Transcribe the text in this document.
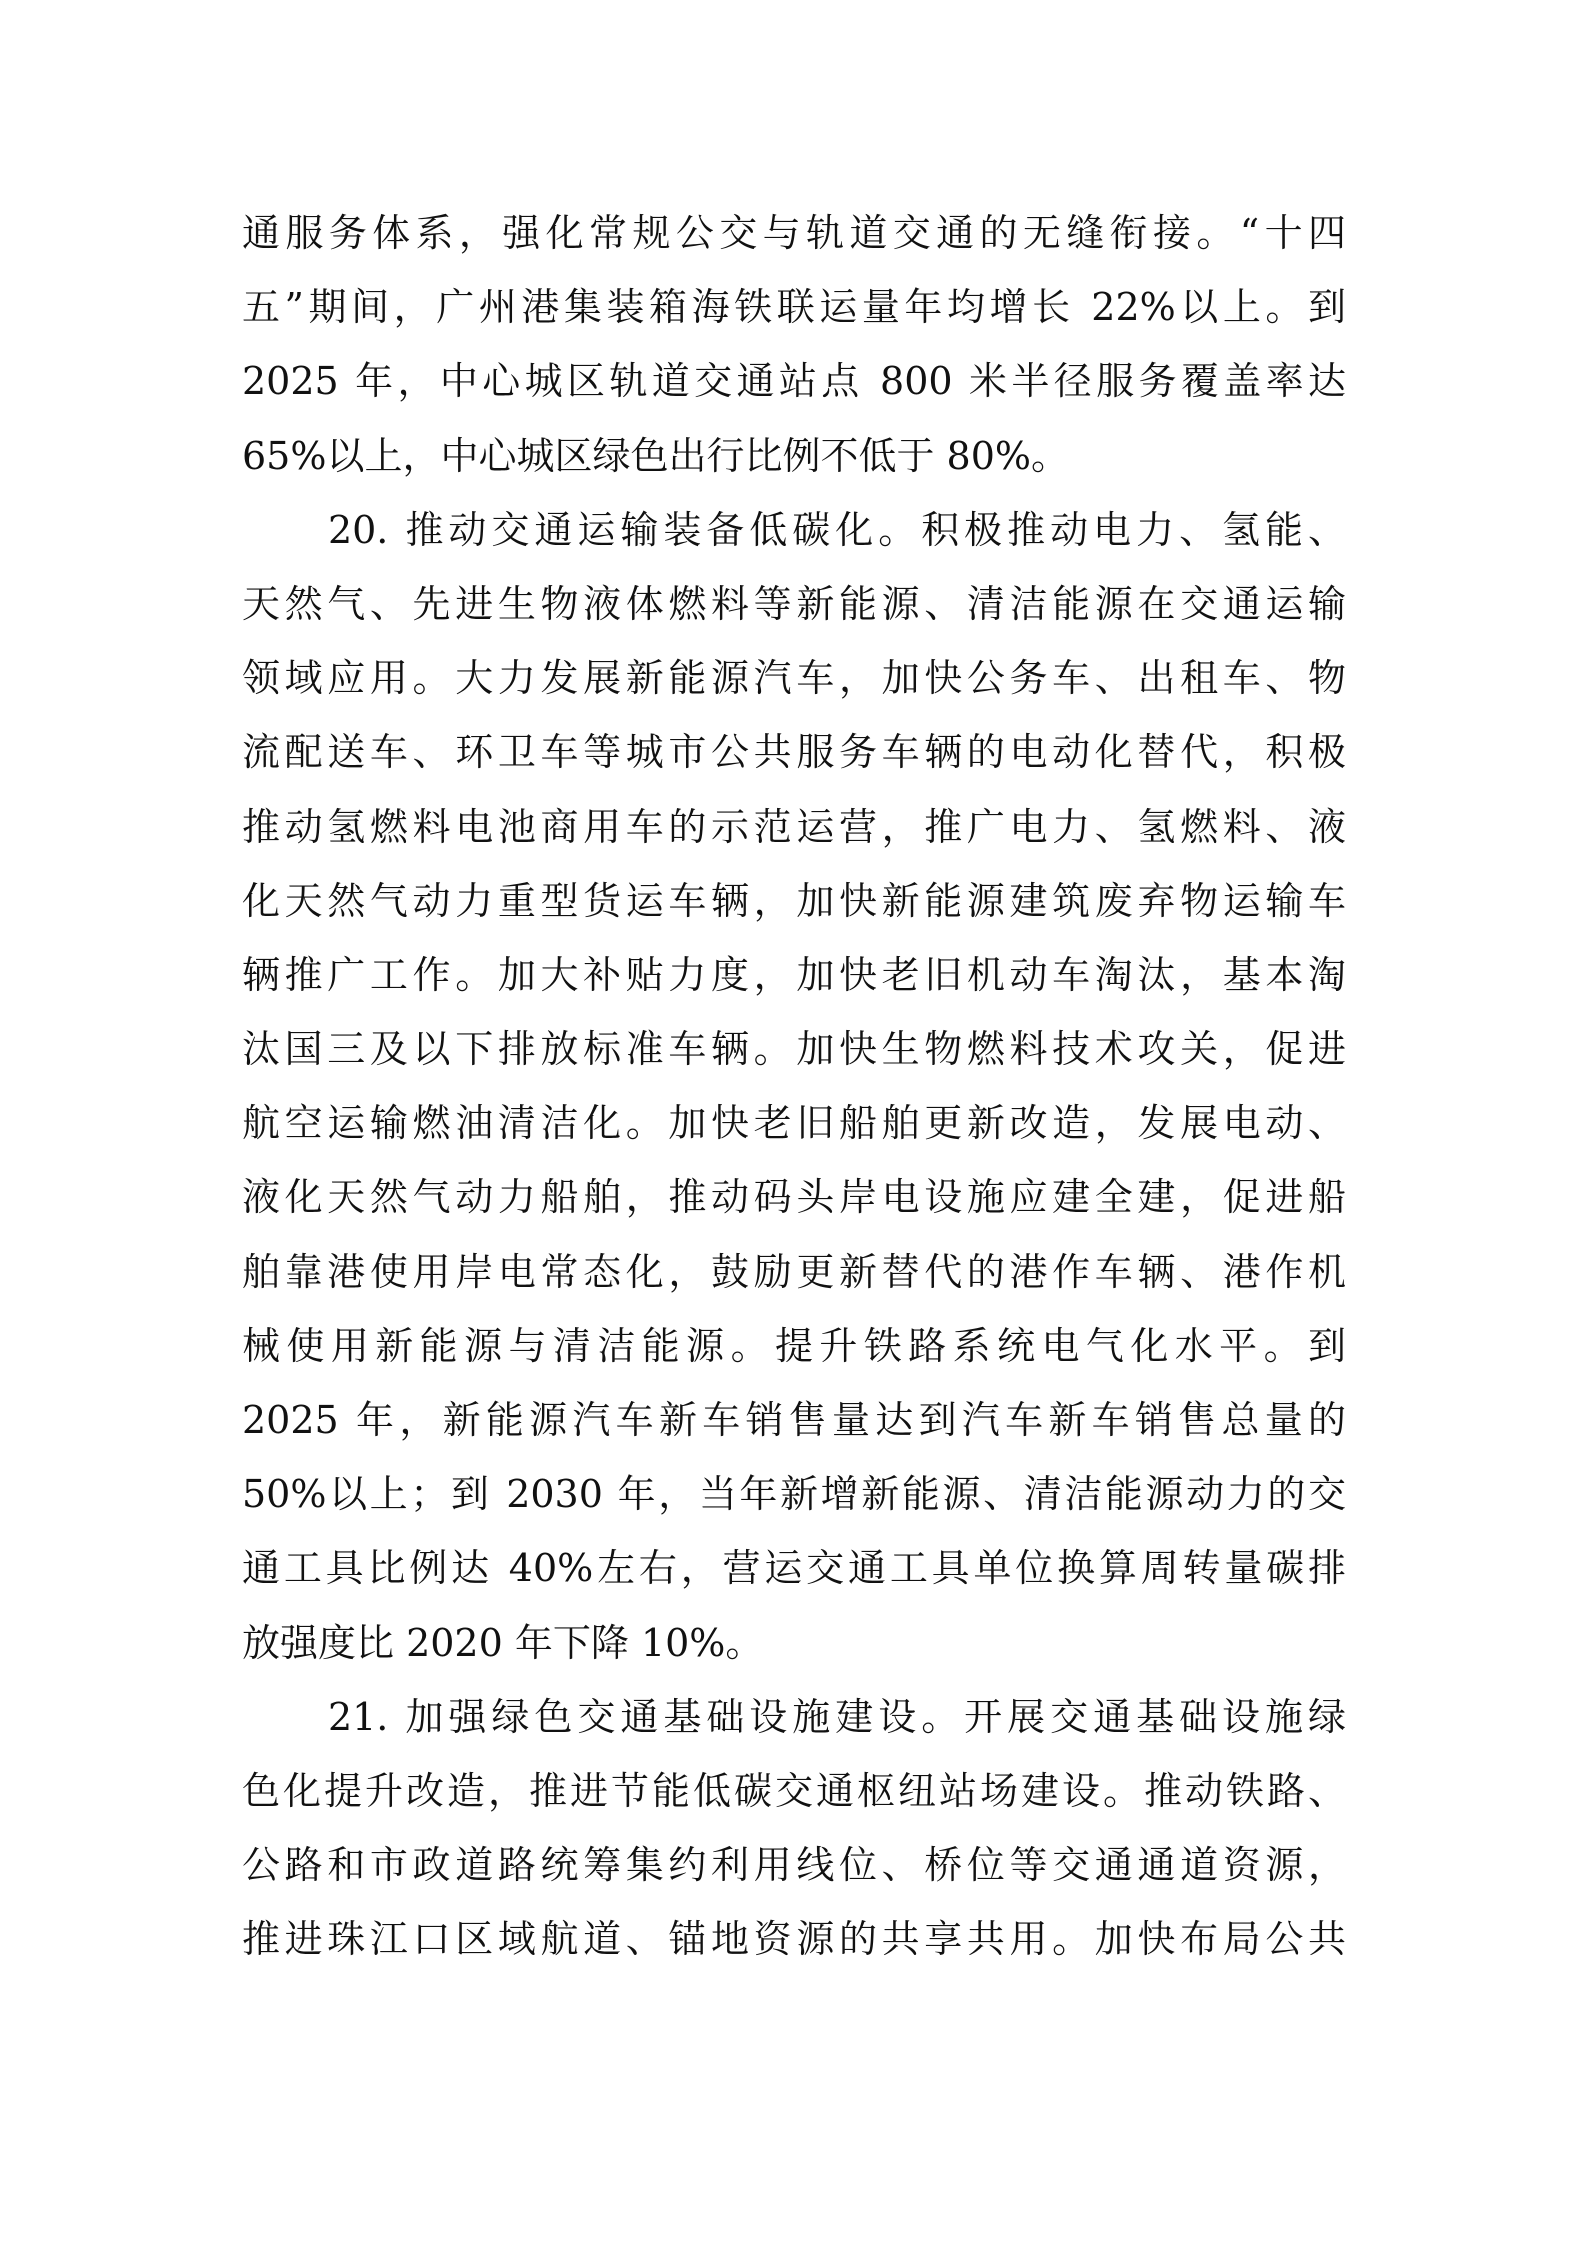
通服务体系，强化常规公交与轨道交通的无缝衔接。“十四
五”期间，广州港集装箱海铁联运量年均增长 22%以上。到
2025 年，中心城区轨道交通站点 800 米半径服务覆盖率达
65%以上，中心城区绿色出行比例不低于 80%。
　　20. 推动交通运输装备低碳化。积极推动电力、氢能、
天然气、先进生物液体燃料等新能源、清洁能源在交通运输
领域应用。大力发展新能源汽车，加快公务车、出租车、物
流配送车、环卫车等城市公共服务车辆的电动化替代，积极
推动氢燃料电池商用车的示范运营，推广电力、氢燃料、液
化天然气动力重型货运车辆，加快新能源建筑废弃物运输车
辆推广工作。加大补贴力度，加快老旧机动车淘汰，基本淘
汰国三及以下排放标准车辆。加快生物燃料技术攻关，促进
航空运输燃油清洁化。加快老旧船舶更新改造，发展电动、
液化天然气动力船舶，推动码头岸电设施应建全建，促进船
舶靠港使用岸电常态化，鼓励更新替代的港作车辆、港作机
械使用新能源与清洁能源。提升铁路系统电气化水平。到
2025 年，新能源汽车新车销售量达到汽车新车销售总量的
50%以上；到 2030 年，当年新增新能源、清洁能源动力的交
通工具比例达 40%左右，营运交通工具单位换算周转量碳排
放强度比 2020 年下降 10%。
　　21. 加强绿色交通基础设施建设。开展交通基础设施绿
色化提升改造，推进节能低碳交通枢纽站场建设。推动铁路、
公路和市政道路统筹集约利用线位、桥位等交通通道资源，
推进珠江口区域航道、锚地资源的共享共用。加快布局公共
